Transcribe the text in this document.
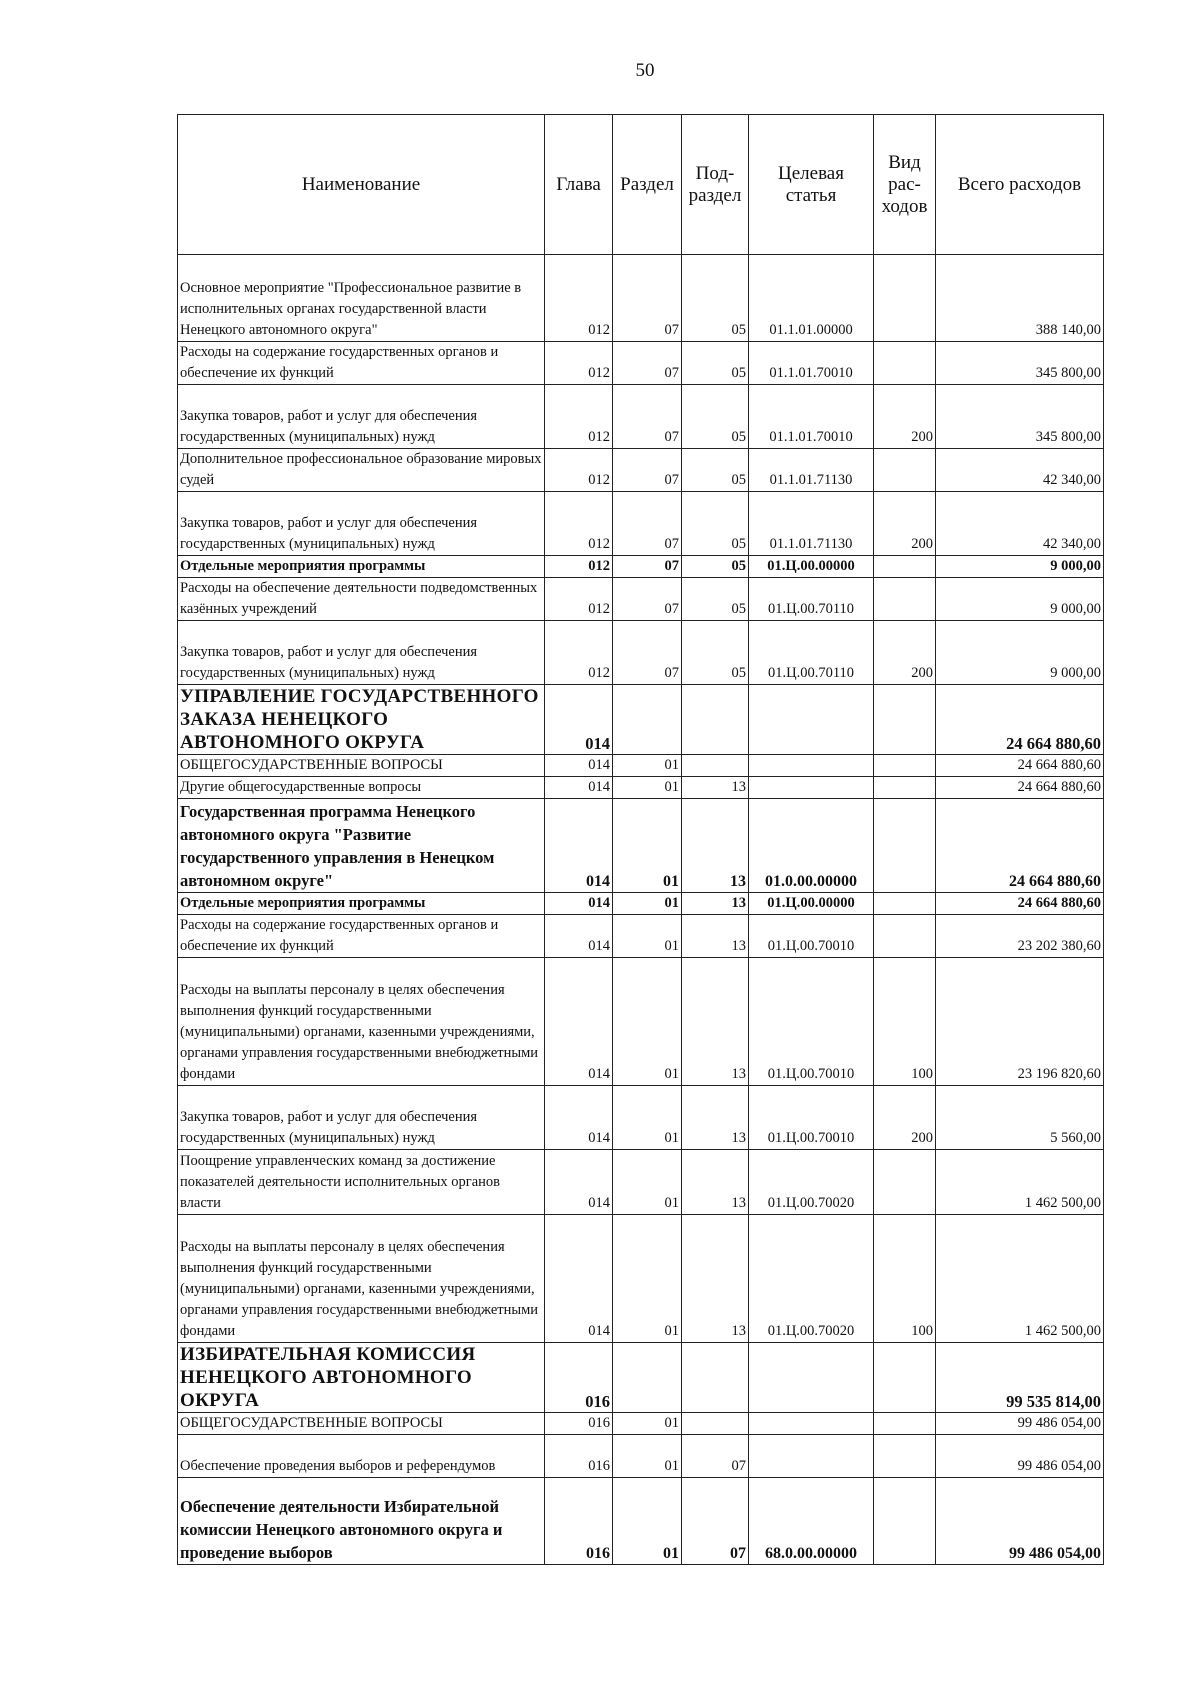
50
Наименование	Глава	Раздел	Под-раздел	Целевая статья	Вид рас-ходов	Всего расходов
Основное мероприятие "Профессиональное развитие в исполнительных органах государственной власти Ненецкого автономного округа"	012	07	05	01.1.01.00000		388 140,00
Расходы на содержание государственных органов и обеспечение их функций	012	07	05	01.1.01.70010		345 800,00
Закупка товаров, работ и услуг для обеспечения государственных (муниципальных) нужд	012	07	05	01.1.01.70010	200	345 800,00
Дополнительное профессиональное образование мировых судей	012	07	05	01.1.01.71130		42 340,00
Закупка товаров, работ и услуг для обеспечения государственных (муниципальных) нужд	012	07	05	01.1.01.71130	200	42 340,00
Отдельные мероприятия программы	012	07	05	01.Ц.00.00000		9 000,00
Расходы на обеспечение деятельности подведомственных казённых учреждений	012	07	05	01.Ц.00.70110		9 000,00
Закупка товаров, работ и услуг для обеспечения государственных (муниципальных) нужд	012	07	05	01.Ц.00.70110	200	9 000,00
УПРАВЛЕНИЕ ГОСУДАРСТВЕННОГО ЗАКАЗА НЕНЕЦКОГО АВТОНОМНОГО ОКРУГА	014					24 664 880,60
ОБЩЕГОСУДАРСТВЕННЫЕ ВОПРОСЫ	014	01				24 664 880,60
Другие общегосударственные вопросы	014	01	13			24 664 880,60
Государственная программа Ненецкого автономного округа "Развитие государственного управления в Ненецком автономном округе"	014	01	13	01.0.00.00000		24 664 880,60
Отдельные мероприятия программы	014	01	13	01.Ц.00.00000		24 664 880,60
Расходы на содержание государственных органов и обеспечение их функций	014	01	13	01.Ц.00.70010		23 202 380,60
Расходы на выплаты персоналу в целях обеспечения выполнения функций государственными (муниципальными) органами, казенными учреждениями, органами управления государственными внебюджетными фондами	014	01	13	01.Ц.00.70010	100	23 196 820,60
Закупка товаров, работ и услуг для обеспечения государственных (муниципальных) нужд	014	01	13	01.Ц.00.70010	200	5 560,00
Поощрение управленческих команд за достижение показателей деятельности исполнительных органов власти	014	01	13	01.Ц.00.70020		1 462 500,00
Расходы на выплаты персоналу в целях обеспечения выполнения функций государственными (муниципальными) органами, казенными учреждениями, органами управления государственными внебюджетными фондами	014	01	13	01.Ц.00.70020	100	1 462 500,00
ИЗБИРАТЕЛЬНАЯ КОМИССИЯ НЕНЕЦКОГО АВТОНОМНОГО ОКРУГА	016					99 535 814,00
ОБЩЕГОСУДАРСТВЕННЫЕ ВОПРОСЫ	016	01				99 486 054,00
Обеспечение проведения выборов и референдумов	016	01	07			99 486 054,00
Обеспечение деятельности Избирательной комиссии Ненецкого автономного округа и проведение выборов	016	01	07	68.0.00.00000		99 486 054,00
